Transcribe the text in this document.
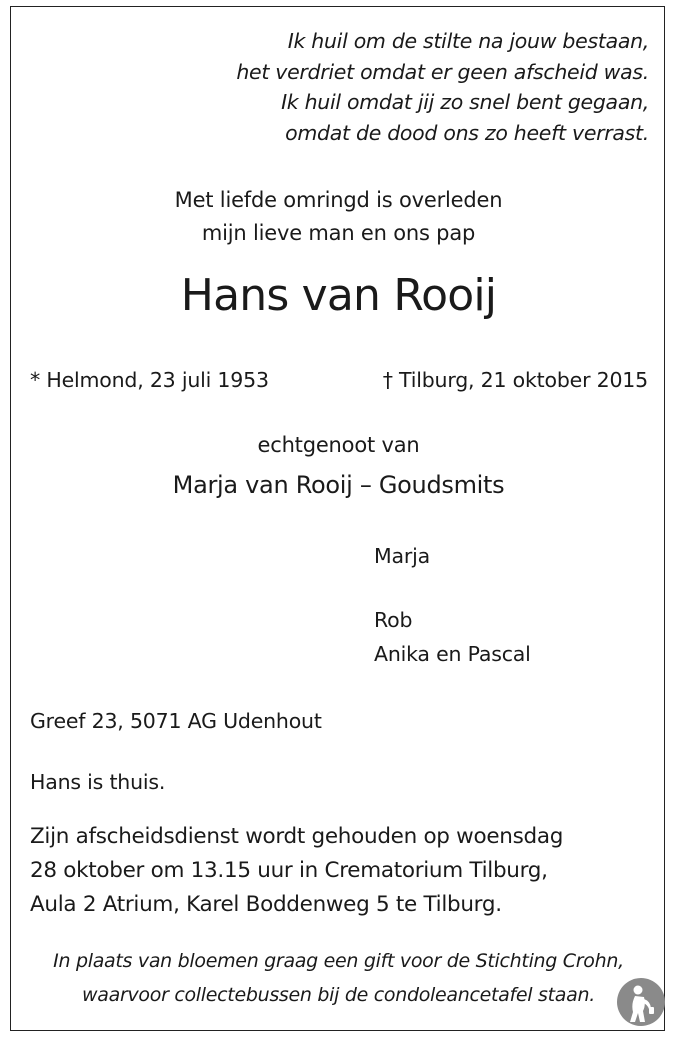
Ik huil om de stilte na jouw bestaan,
het verdriet omdat er geen afscheid was.
Ik huil omdat jij zo snel bent gegaan,
omdat de dood ons zo heeft verrast.
Met liefde omringd is overleden
mijn lieve man en ons pap
Hans van Rooij
* Helmond, 23 juli 1953	† Tilburg, 21 oktober 2015
echtgenoot van
Marja van Rooij – Goudsmits
Marja
Rob
Anika en Pascal
Greef 23, 5071 AG Udenhout
Hans is thuis.
Zijn afscheidsdienst wordt gehouden op woensdag
28 oktober om 13.15 uur in Crematorium Tilburg,
Aula 2 Atrium, Karel Boddenweg 5 te Tilburg.
In plaats van bloemen graag een gift voor de Stichting Crohn,
waarvoor collectebussen bij de condoleancetafel staan.
